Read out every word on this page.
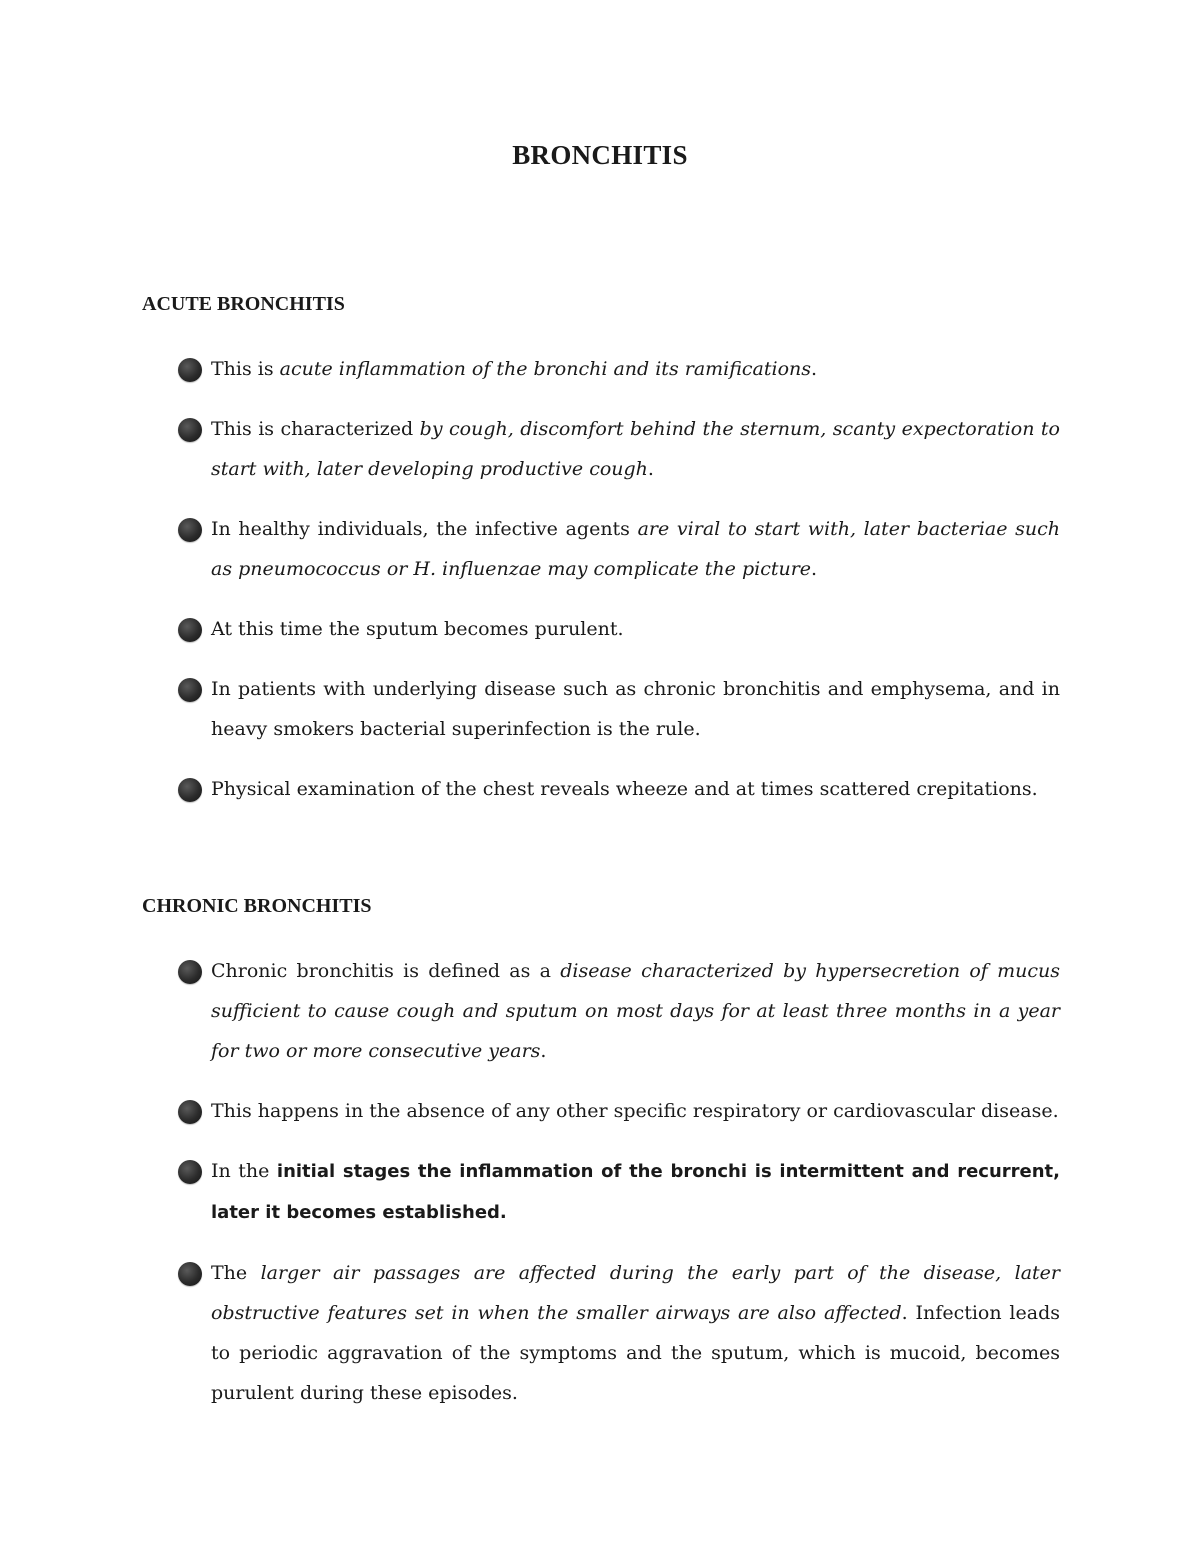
BRONCHITIS
ACUTE BRONCHITIS
This is acute inflammation of the bronchi and its ramifications.
This is characterized by cough, discomfort behind the sternum, scanty expectoration to start with, later developing productive cough.
In healthy individuals, the infective agents are viral to start with, later bacteriae such as pneumococcus or H. influenzae may complicate the picture.
At this time the sputum becomes purulent.
In patients with underlying disease such as chronic bronchitis and emphysema, and in heavy smokers bacterial superinfection is the rule.
Physical examination of the chest reveals wheeze and at times scattered crepitations.
CHRONIC BRONCHITIS
Chronic bronchitis is defined as a disease characterized by hypersecretion of mucus sufficient to cause cough and sputum on most days for at least three months in a year for two or more consecutive years.
This happens in the absence of any other specific respiratory or cardiovascular disease.
In the initial stages the inflammation of the bronchi is intermittent and recurrent, later it becomes established.
The larger air passages are affected during the early part of the disease, later obstructive features set in when the smaller airways are also affected. Infection leads to periodic aggravation of the symptoms and the sputum, which is mucoid, becomes purulent during these episodes.
